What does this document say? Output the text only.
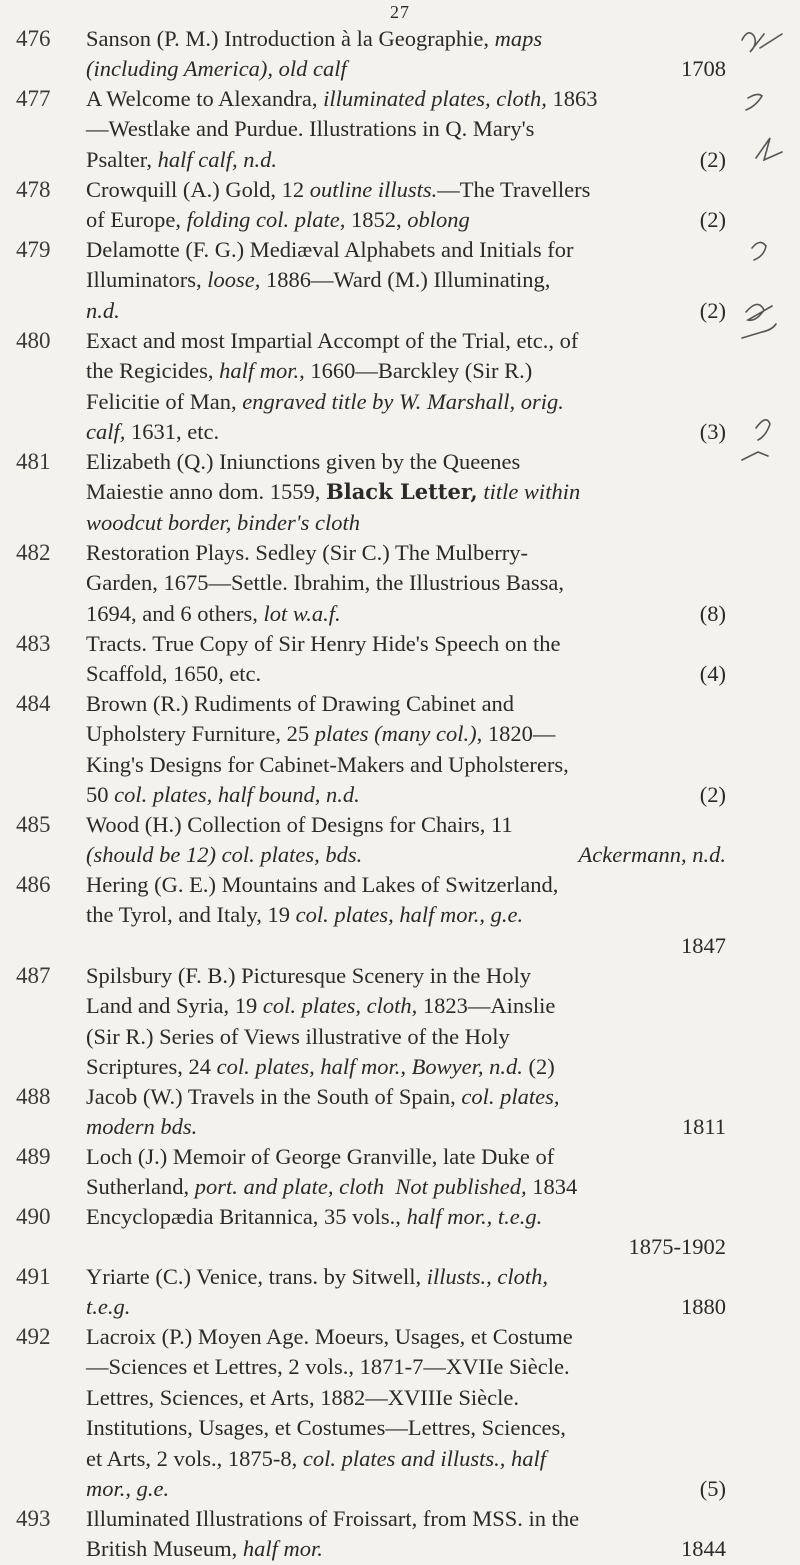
27
476 Sanson (P. M.) Introduction à la Geographie, maps
(including America), old calf	1708
477 A Welcome to Alexandra, illuminated plates, cloth, 1863
—Westlake and Purdue. Illustrations in Q. Mary's
Psalter, half calf, n.d.	(2)
478 Crowquill (A.) Gold, 12 outline illusts.—The Travellers
of Europe, folding col. plate, 1852, oblong	(2)
479 Delamotte (F. G.) Mediæval Alphabets and Initials for
Illuminators, loose, 1886—Ward (M.) Illuminating,
n.d.	(2)
480 Exact and most Impartial Accompt of the Trial, etc., of
the Regicides, half mor., 1660—Barckley (Sir R.)
Felicitie of Man, engraved title by W. Marshall, orig.
calf, 1631, etc.	(3)
481 Elizabeth (Q.) Iniunctions given by the Queenes
Maiestie anno dom. 1559, Black Letter, title within
woodcut border, binder's cloth
482 Restoration Plays. Sedley (Sir C.) The Mulberry-
Garden, 1675—Settle. Ibrahim, the Illustrious Bassa,
1694, and 6 others, lot w.a.f.	(8)
483 Tracts. True Copy of Sir Henry Hide's Speech on the
Scaffold, 1650, etc.	(4)
484 Brown (R.) Rudiments of Drawing Cabinet and
Upholstery Furniture, 25 plates (many col.), 1820—
King's Designs for Cabinet-Makers and Upholsterers,
50 col. plates, half bound, n.d.	(2)
485 Wood (H.) Collection of Designs for Chairs, 11
(should be 12) col. plates, bds.	Ackermann, n.d.
486 Hering (G. E.) Mountains and Lakes of Switzerland,
the Tyrol, and Italy, 19 col. plates, half mor., g.e.
1847
487 Spilsbury (F. B.) Picturesque Scenery in the Holy
Land and Syria, 19 col. plates, cloth, 1823—Ainslie
(Sir R.) Series of Views illustrative of the Holy
Scriptures, 24 col. plates, half mor., Bowyer, n.d. (2)
488 Jacob (W.) Travels in the South of Spain, col. plates,
modern bds.	1811
489 Loch (J.) Memoir of George Granville, late Duke of
Sutherland, port. and plate, cloth Not published, 1834
490 Encyclopædia Britannica, 35 vols., half mor., t.e.g.
1875-1902
491 Yriarte (C.) Venice, trans. by Sitwell, illusts., cloth,
t.e.g.	1880
492 Lacroix (P.) Moyen Age. Moeurs, Usages, et Costume
—Sciences et Lettres, 2 vols., 1871-7—XVIIe Siècle.
Lettres, Sciences, et Arts, 1882—XVIIIe Siècle.
Institutions, Usages, et Costumes—Lettres, Sciences,
et Arts, 2 vols., 1875-8, col. plates and illusts., half
mor., g.e.	(5)
493 Illuminated Illustrations of Froissart, from MSS. in the
British Museum, half mor.	1844
